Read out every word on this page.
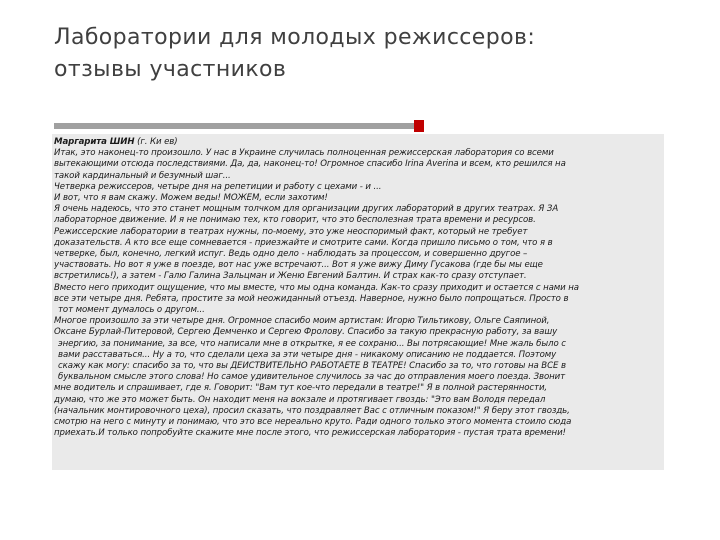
Лаборатории для молодых режиссеров:
отзывы участников
Маргарита ШИН (г. Ки ев)
Итак, это наконец-то произошло. У нас в Украине случилась полноценная режиссерская лаборатория со всеми
вытекающими отсюда последствиями. Да, да, наконец-то! Огромное спасибо Irina Averina и всем, кто решился на
такой кардинальный и безумный шаг...
Четверка режиссеров, четыре дня на репетиции и работу с цехами - и ...
И вот, что я вам скажу. Можем веды! МОЖЕМ, если захотим!
Я очень надеюсь, что это станет мощным толчком для организации других лабораторий в других театрах. Я ЗА
лабораторное движение. И я не понимаю тех, кто говорит, что это бесполезная трата времени и ресурсов.
Режиссерские лаборатории в театрах нужны, по-моему, это уже неоспоримый факт, который не требует
доказательств. А кто все еще сомневается - приезжайте и смотрите сами. Когда пришло письмо о том, что я в
четверке, был, конечно, легкий испуг. Ведь одно дело - наблюдать за процессом, и совершенно другое –
участвовать. Но вот я уже в поезде, вот нас уже встречают... Вот я уже вижу Диму Гусакова (где бы мы еще
встретились!), а затем - Галю Галина Зальцман и Женю Евгений Балтин. И страх как-то сразу отступает.
Вместо него приходит ощущение, что мы вместе, что мы одна команда. Как-то сразу приходит и остается с нами на
все эти четыре дня. Ребята, простите за мой неожиданный отъезд. Наверное, нужно было попрощаться. Просто в
тот момент думалось о другом...
Многое произошло за эти четыре дня. Огромное спасибо моим артистам: Игорю Тильтикову, Ольге Саяпиной,
Оксане Бурлай-Питеровой, Сергею Демченко и Сергею Фролову. Спасибо за такую прекрасную работу, за вашу
энергию, за понимание, за все, что написали мне в открытке, я ее сохраню... Вы потрясающие! Мне жаль было с
вами расставаться... Ну а то, что сделали цеха за эти четыре дня - никакому описанию не поддается. Поэтому
скажу как могу: спасибо за то, что вы ДЕЙСТВИТЕЛЬНО РАБОТАЕТЕ В ТЕАТРЕ! Спасибо за то, что готовы на ВСЕ в
буквальном смысле этого слова! Но самое удивительное случилось за час до отправления моего поезда. Звонит
мне водитель и спрашивает, где я. Говорит: "Вам тут кое-что передали в театре!" Я в полной растерянности,
думаю, что же это может быть. Он находит меня на вокзале и протягивает гвоздь: "Это вам Володя передал
(начальник монтировочного цеха), просил сказать, что поздравляет Вас с отличным показом!" Я беру этот гвоздь,
смотрю на него с минуту и понимаю, что это все нереально круто. Ради одного только этого момента стоило сюда
приехать.И только попробуйте скажите мне после этого, что режиссерская лаборатория - пустая трата времени!
